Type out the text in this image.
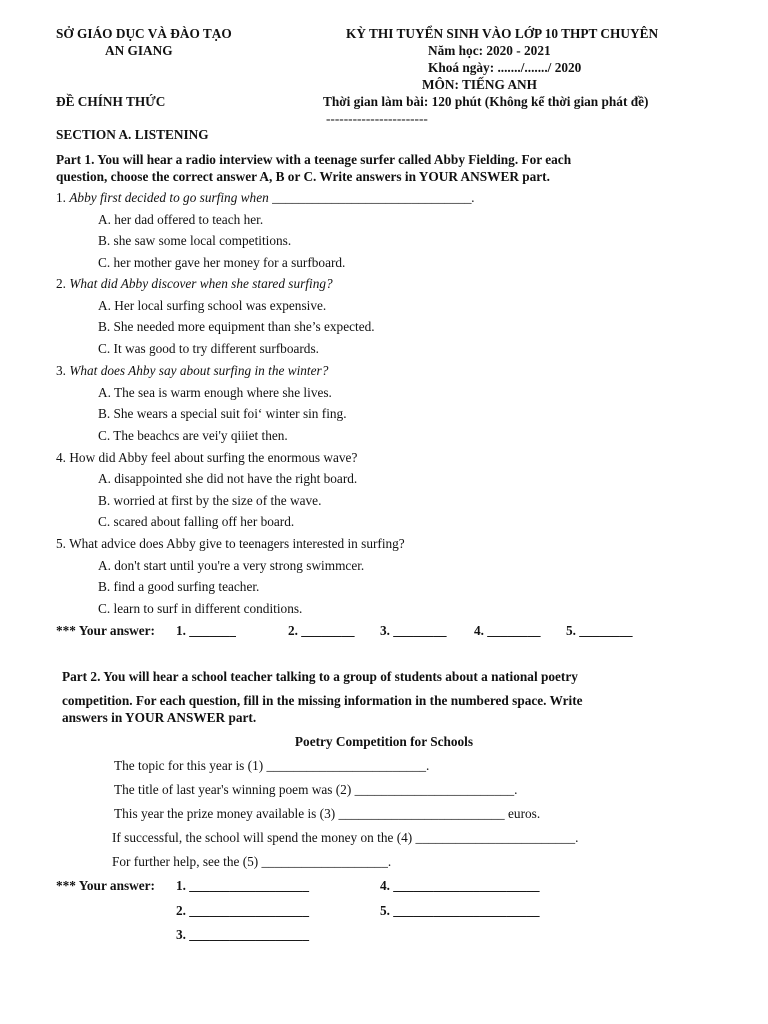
SỞ GIÁO DỤC VÀ ĐÀO TẠO
AN GIANG
KỲ THI TUYỂN SINH VÀO LỚP 10 THPT CHUYÊN
Năm học: 2020 - 2021
Khoá ngày: ......./......./ 2020
MÔN: TIẾNG ANH
ĐỀ CHÍNH THỨC	Thời gian làm bài: 120 phút (Không kể thời gian phát đề)
-----------------------
SECTION A. LISTENING
Part 1. You will hear a radio interview with a teenage surfer called Abby Fielding. For each
question, choose the correct answer A, B or C. Write answers in YOUR ANSWER part.
1. Abby first decided to go surfing when ______________________________.
A. her dad offered to teach her.
B. she saw some local competitions.
C. her mother gave her money for a surfboard.
2. What did Abby discover when she stared surfing?
A. Her local surfing school was expensive.
B. She needed more equipment than she’s expected.
C. It was good to try different surfboards.
3. What does Ahby say about surfing in the winter?
A. The sea is warm enough where she lives.
B. She wears a special suit foi‘ winter sin fing.
C. The beachcs are vei'y qiiiet then.
4. How did Abby feel about surfing the enormous wave?
A. disappointed she did not have the right board.
B. worried at first by the size of the wave.
C. scared about falling off her board.
5. What advice does Abby give to teenagers interested in surfing?
A. don't start until you're a very strong swimmcer.
B. find a good surfing teacher.
C. learn to surf in different conditions.
*** Your answer: 1. _______	2. ________ 3. ________ 4. ________ 5. ________
Part 2. You will hear a school teacher talking to a group of students about a national poetry
competition. For each question, fill in the missing information in the numbered space. Write
answers in YOUR ANSWER part.
Poetry Competition for Schools
The topic for this year is (1) ________________________.
The title of last year's winning poem was (2) ________________________.
This year the prize money available is (3) _________________________ euros.
If successful, the school will spend the money on the (4) ________________________.
For further help, see the (5) ___________________.
*** Your answer: 1. __________________	4. ______________________
2. __________________	5. ______________________
3. __________________
